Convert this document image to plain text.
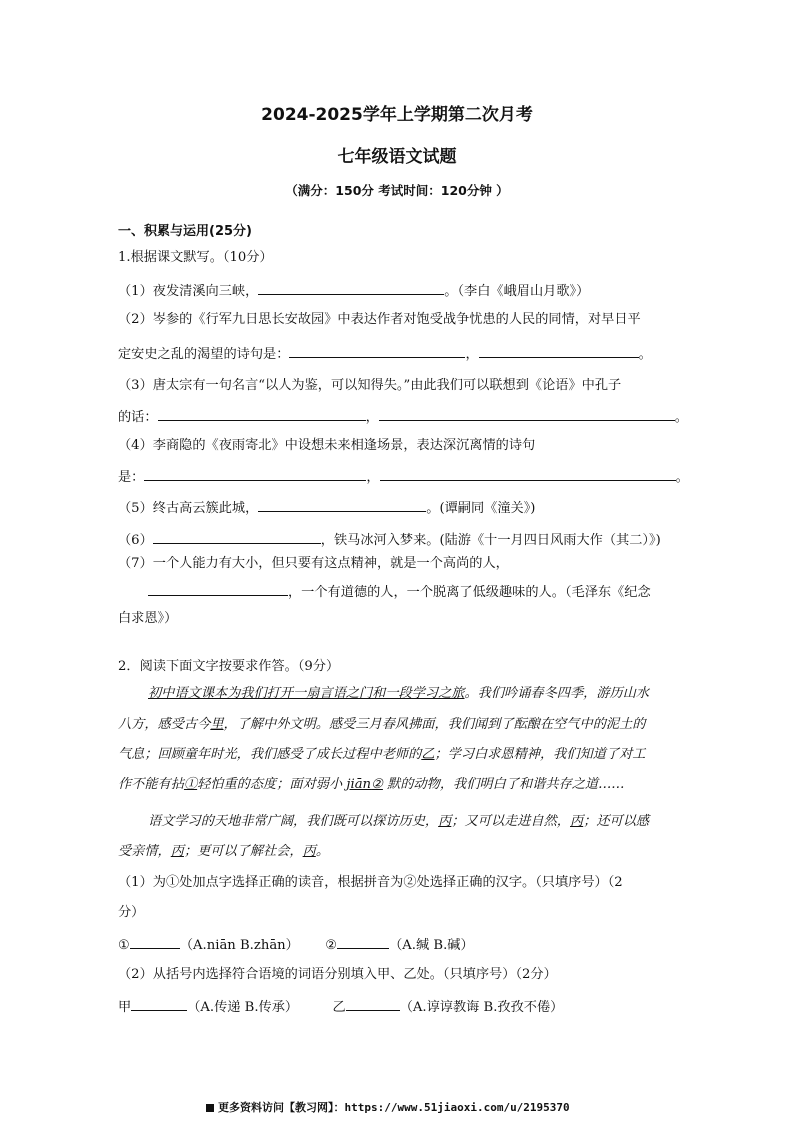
2024-2025学年上学期第二次月考
七年级语文试题
（满分：150分 考试时间：120分钟 ）
一、积累与运用(25分)
1.根据课文默写。（10分）
（1）夜发清溪向三峡，	。（李白《峨眉山月歌》）
（2）岑参的《行军九日思长安故园》中表达作者对饱受战争忧患的人民的同情，对早日平
定安史之乱的渴望的诗句是：	，	。
（3）唐太宗有一句名言“以人为鉴，可以知得失。”由此我们可以联想到《论语》中孔子
的话：	，	。
（4）李商隐的《夜雨寄北》中设想未来相逢场景，表达深沉离情的诗句
是：	，	。
（5）终古高云簇此城，	。(谭嗣同《潼关》)
（6）	，铁马冰河入梦来。(陆游《十一月四日风雨大作（其二）》)
（7）一个人能力有大小，但只要有这点精神，就是一个高尚的人，
，一个有道德的人，一个脱离了低级趣味的人。（毛泽东《纪念
白求恩》）
2．阅读下面文字按要求作答。（9分）
初中语文课本为我们打开一扇言语之门和一段学习之旅。我们吟诵春冬四季，游历山水
八方，感受古今里，了解中外文明。感受三月春风拂面，我们闻到了酝酿在空气中的泥土的
气息；回顾童年时光，我们感受了成长过程中老师的乙；学习白求恩精神，我们知道了对工
作不能有拈①轻怕重的态度；面对弱小 jiān② 默的动物，我们明白了和谐共存之道……
语文学习的天地非常广阔，我们既可以探访历史，丙；又可以走进自然，丙；还可以感
受亲情，丙；更可以了解社会，丙。
（1）为①处加点字选择正确的读音，根据拼音为②处选择正确的汉字。（只填序号）（2
分）
①	（A.niān B.zhān） ②	（A.缄 B.碱）
（2）从括号内选择符合语境的词语分别填入甲、乙处。（只填序号）（2分）
甲	（A.传递 B.传承）	乙	（A.谆谆教诲 B.孜孜不倦）
更多资料访问【教习网】：https://www.51jiaoxi.com/u/2195370
